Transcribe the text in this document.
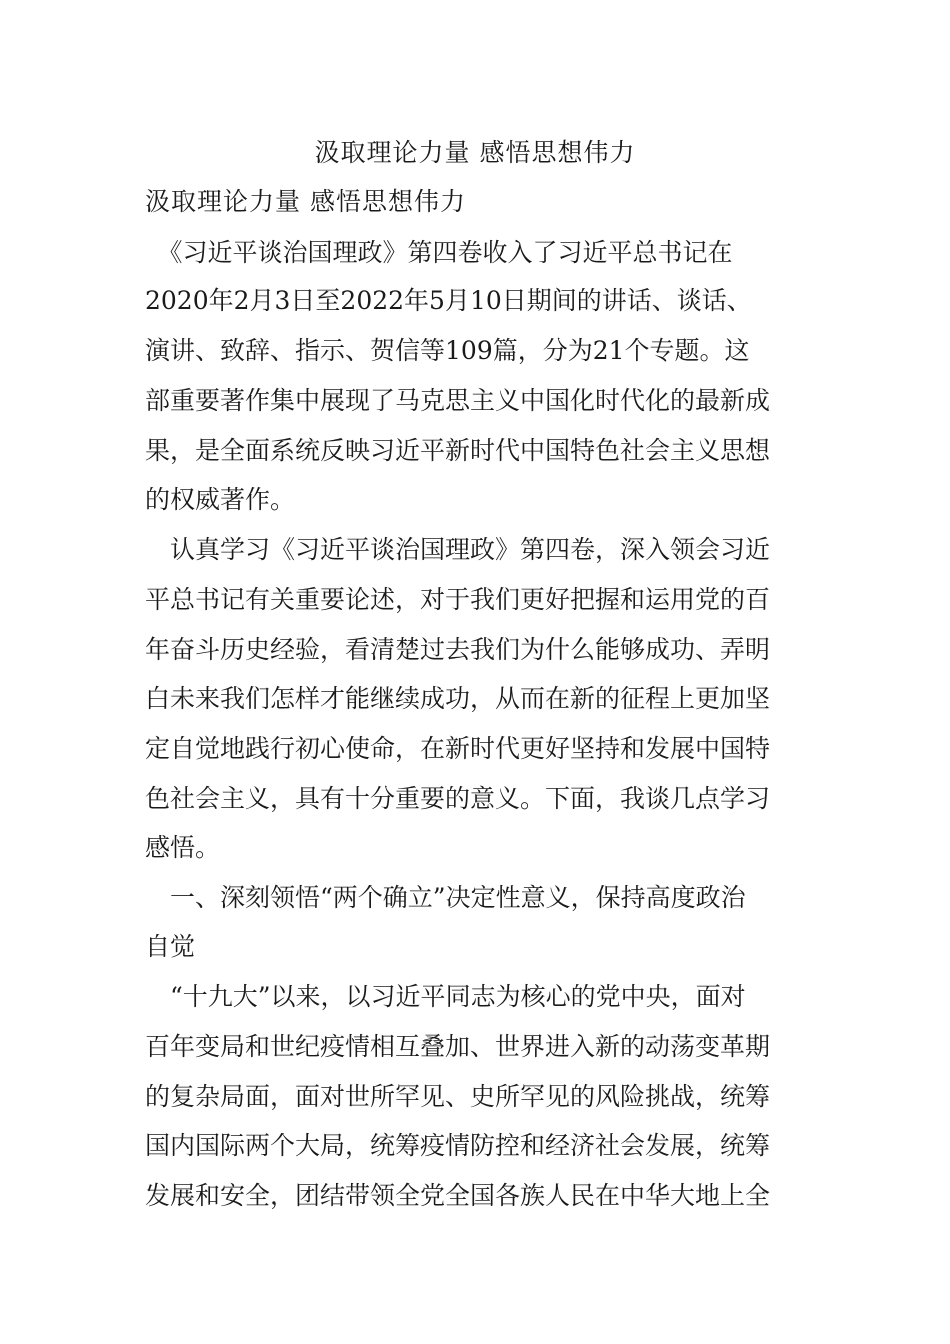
汲取理论力量 感悟思想伟力
汲取理论力量 感悟思想伟力
　《习近平谈治国理政》第四卷收入了习近平总书记在
2020年2月3日至2022年5月10日期间的讲话、谈话、
演讲、致辞、指示、贺信等109篇，分为21个专题。这
部重要著作集中展现了马克思主义中国化时代化的最新成
果，是全面系统反映习近平新时代中国特色社会主义思想
的权威著作。
　认真学习《习近平谈治国理政》第四卷，深入领会习近
平总书记有关重要论述，对于我们更好把握和运用党的百
年奋斗历史经验，看清楚过去我们为什么能够成功、弄明
白未来我们怎样才能继续成功，从而在新的征程上更加坚
定自觉地践行初心使命，在新时代更好坚持和发展中国特
色社会主义，具有十分重要的意义。下面，我谈几点学习
感悟。
　一、深刻领悟“两个确立”决定性意义，保持高度政治
自觉
　“十九大”以来，以习近平同志为核心的党中央，面对
百年变局和世纪疫情相互叠加、世界进入新的动荡变革期
的复杂局面，面对世所罕见、史所罕见的风险挑战，统筹
国内国际两个大局，统筹疫情防控和经济社会发展，统筹
发展和安全，团结带领全党全国各族人民在中华大地上全
